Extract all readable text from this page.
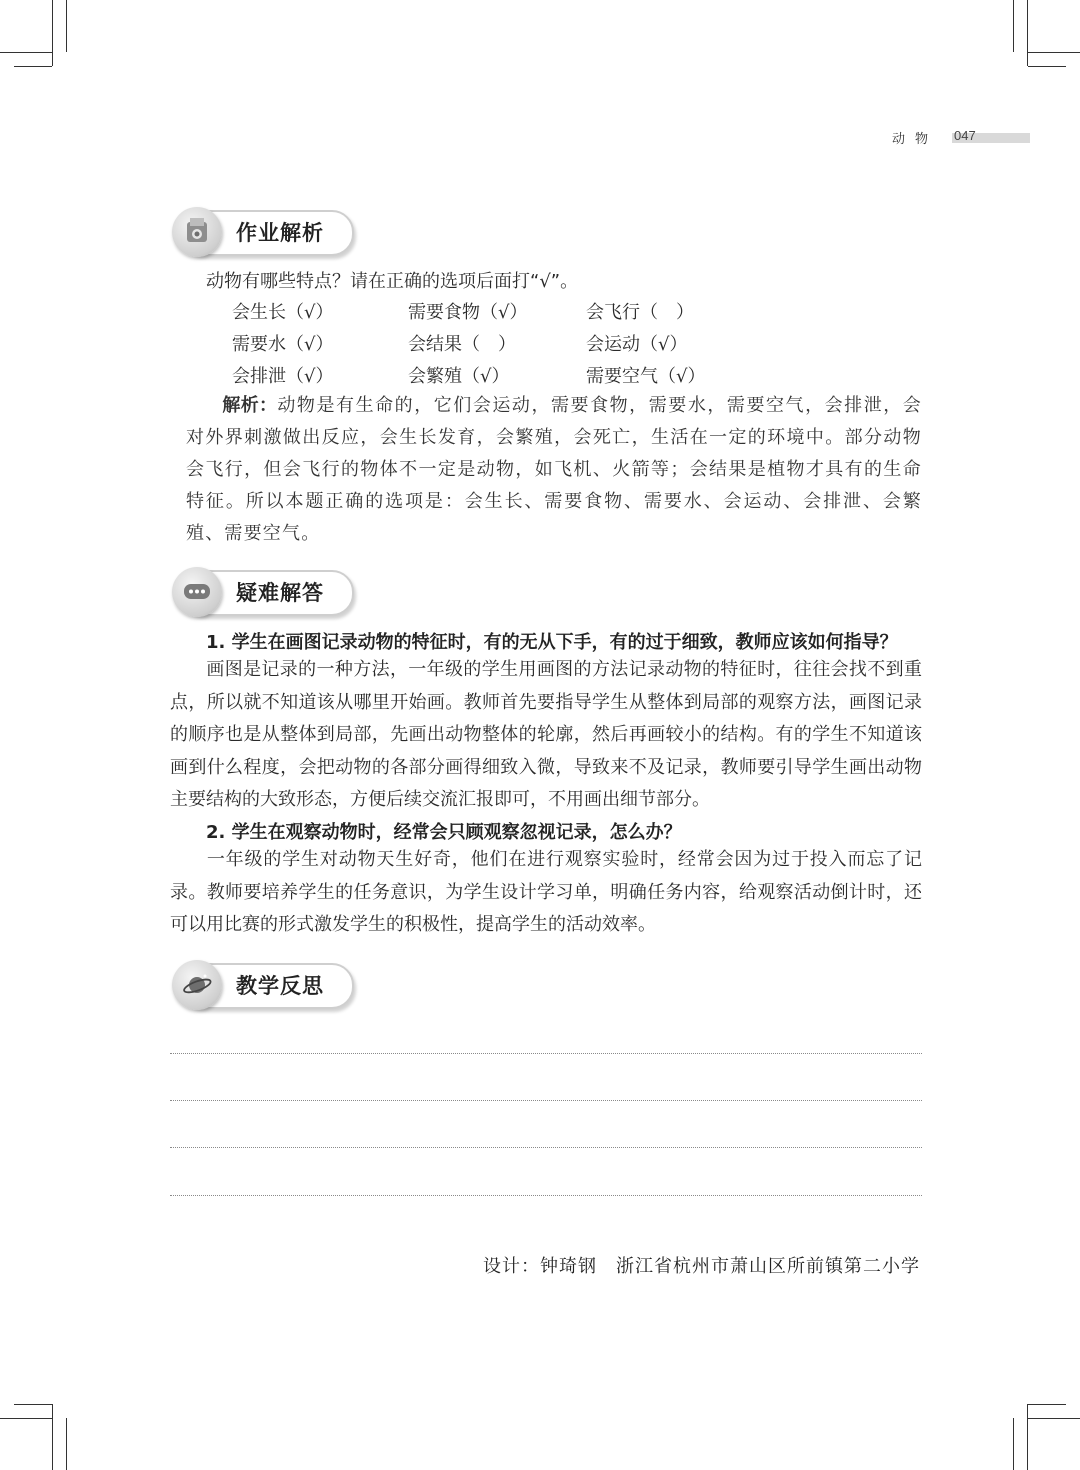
动物 047
作业解析
动物有哪些特点？请在正确的选项后面打“√”。
会生长（√）	需要食物（√）	会飞行（　）
需要水（√）	会结果（　）	会运动（√）
会排泄（√）	会繁殖（√）	需要空气（√）

解析：动物是有生命的，它们会运动，需要食物，需要水，需要空气，会排泄，会对外界刺激做出反应，会生长发育，会繁殖，会死亡，生活在一定的环境中。部分动物会飞行，但会飞行的物体不一定是动物，如飞机、火箭等；会结果是植物才具有的生命特征。所以本题正确的选项是：会生长、需要食物、需要水、会运动、会排泄、会繁殖、需要空气。

疑难解答
1. 学生在画图记录动物的特征时，有的无从下手，有的过于细致，教师应该如何指导？

画图是记录的一种方法，一年级的学生用画图的方法记录动物的特征时，往往会找不到重点，所以就不知道该从哪里开始画。教师首先要指导学生从整体到局部的观察方法，画图记录的顺序也是从整体到局部，先画出动物整体的轮廓，然后再画较小的结构。有的学生不知道该画到什么程度，会把动物的各部分画得细致入微，导致来不及记录，教师要引导学生画出动物主要结构的大致形态，方便后续交流汇报即可，不用画出细节部分。

2. 学生在观察动物时，经常会只顾观察忽视记录，怎么办？

一年级的学生对动物天生好奇，他们在进行观察实验时，经常会因为过于投入而忘了记录。教师要培养学生的任务意识，为学生设计学习单，明确任务内容，给观察活动倒计时，还可以用比赛的形式激发学生的积极性，提高学生的活动效率。

教学反思
设计：钟琦钢　浙江省杭州市萧山区所前镇第二小学
